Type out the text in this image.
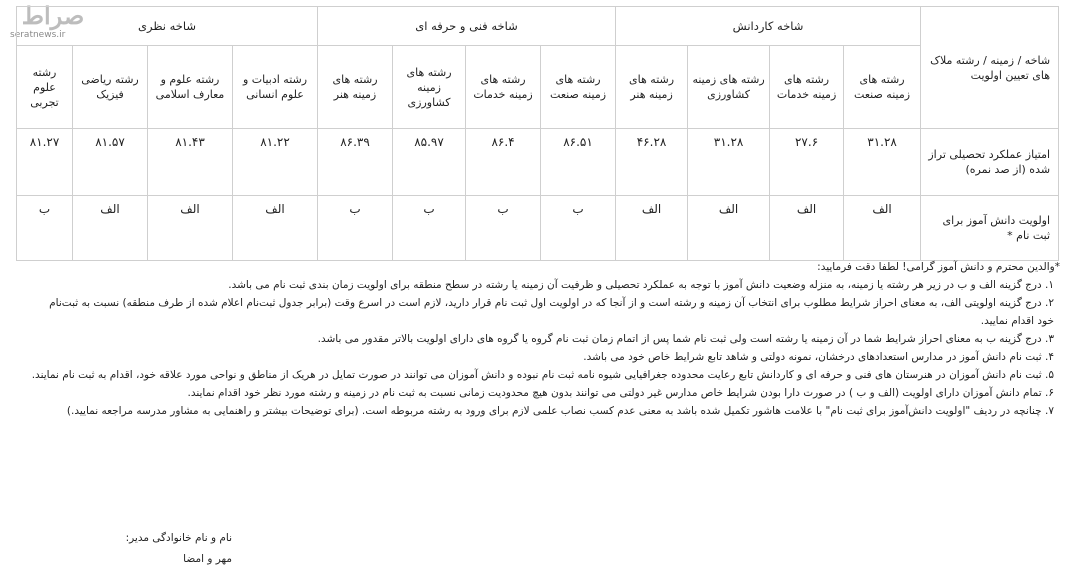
صراط
seratnews.ir
شاخه / زمینه / رشته ملاک های تعیین اولویت	شاخه کاردانش				شاخه فنی و حرفه ای				شاخه نظری			
	رشته های زمینه صنعت	رشته های زمینه خدمات	رشته های زمینه کشاورزی	رشته های زمینه هنر	رشته های زمینه صنعت	رشته های زمینه خدمات	رشته های زمینه کشاورزی	رشته های زمینه هنر	رشته ادبیات و علوم انسانی	رشته علوم و معارف اسلامی	رشته ریاضی فیزیک	رشته علوم تجربی
امتیاز عملکرد تحصیلی تراز شده (از صد نمره)	۳۱.۲۸	۲۷.۶	۳۱.۲۸	۴۶.۲۸	۸۶.۵۱	۸۶.۴	۸۵.۹۷	۸۶.۳۹	۸۱.۲۲	۸۱.۴۳	۸۱.۵۷	۸۱.۲۷
اولویت دانش آموز برای ثبت نام *	الف	الف	الف	الف	ب	ب	ب	ب	الف	الف	الف	ب

*والدین محترم و دانش آموز گرامی! لطفا دقت فرمایید:

۱. درج گزینه الف و ب در زیر هر رشته یا زمینه، به منزله وضعیت دانش آموز با توجه به عملکرد تحصیلی و ظرفیت آن زمینه یا رشته در سطح منطقه برای اولویت زمان بندی ثبت نام می باشد.

۲. درج گزینه اولویتی الف، به معنای احراز شرایط مطلوب برای انتخاب آن زمینه و رشته است و از آنجا که در اولویت اول ثبت نام قرار دارید، لازم است در اسرع وقت (برابر جدول ثبت‌نام اعلام شده از طرف منطقه) نسبت به ثبت‌نام خود اقدام نمایید.

۳. درج گزینه ب به معنای احراز شرایط شما در آن زمینه یا رشته است ولی ثبت نام شما پس از اتمام زمان ثبت نام گروه یا گروه های دارای اولویت بالاتر مقدور می باشد.

۴. ثبت نام دانش آموز در مدارس استعدادهای درخشان، نمونه دولتی و شاهد تابع شرایط خاص خود می باشد.

۵. ثبت نام دانش آموزان در هنرستان های فنی و حرفه ای و کاردانش تابع رعایت محدوده جغرافیایی شیوه نامه ثبت نام نبوده و دانش آموزان می توانند در صورت تمایل در هریک از مناطق و نواحی مورد علاقه خود، اقدام به ثبت نام نمایند.

۶. تمام دانش آموزان دارای اولویت (الف و ب ) در صورت دارا بودن شرایط خاص مدارس غیر دولتی می توانند بدون هیچ محدودیت زمانی نسبت به ثبت نام در زمینه و رشته مورد نظر خود اقدام نمایند.

۷. چنانچه در ردیف "اولویت دانش‌آموز برای ثبت نام" با علامت هاشور تکمیل شده باشد به معنی عدم کسب نصاب علمی لازم برای ورود به رشته مربوطه است. (برای توضیحات بیشتر و راهنمایی به مشاور مدرسه مراجعه نمایید.)

نام و نام خانوادگی مدیر:
مهر و امضا
